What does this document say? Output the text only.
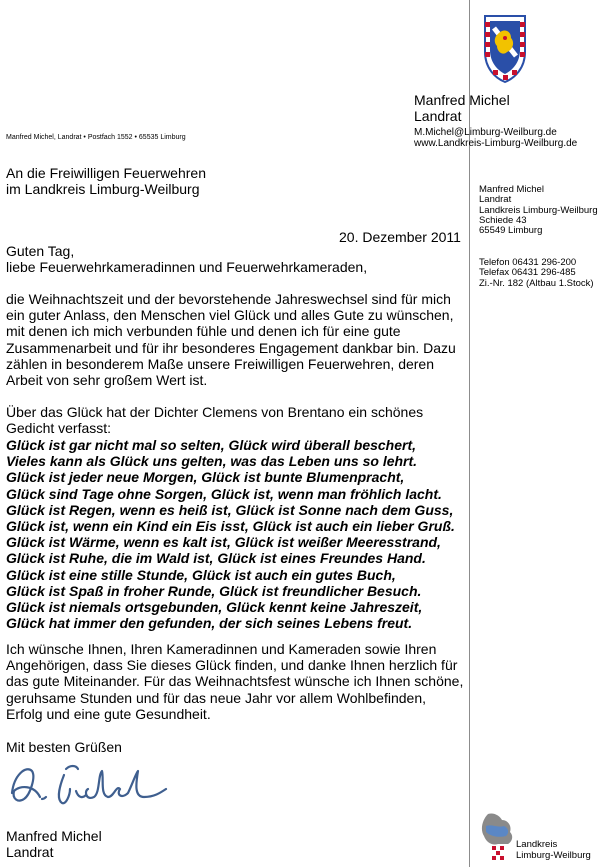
Manfred Michel
Landrat
M.Michel@Limburg-Weilburg.de
www.Landkreis-Limburg-Weilburg.de
Manfred Michel, Landrat • Postfach 1552 • 65535 Limburg
An die Freiwilligen Feuerwehren
im Landkreis Limburg-Weilburg	Manfred Michel
Landrat
Landkreis Limburg-Weilburg
Schiede 43
65549 Limburg
Telefon 06431 296-200
Telefax 06431 296-485
Zi.-Nr. 182 (Altbau 1.Stock)
20. Dezember 2011
Guten Tag,
liebe Feuerwehrkameradinnen und Feuerwehrkameraden,
die Weihnachtszeit und der bevorstehende Jahreswechsel sind für mich
ein guter Anlass, den Menschen viel Glück und alles Gute zu wünschen,
mit denen ich mich verbunden fühle und denen ich für eine gute
Zusammenarbeit und für ihr besonderes Engagement dankbar bin. Dazu
zählen in besonderem Maße unsere Freiwilligen Feuerwehren, deren
Arbeit von sehr großem Wert ist.
Über das Glück hat der Dichter Clemens von Brentano ein schönes
Gedicht verfasst:
Glück ist gar nicht mal so selten, Glück wird überall beschert,
Vieles kann als Glück uns gelten, was das Leben uns so lehrt.
Glück ist jeder neue Morgen, Glück ist bunte Blumenpracht,
Glück sind Tage ohne Sorgen, Glück ist, wenn man fröhlich lacht.
Glück ist Regen, wenn es heiß ist, Glück ist Sonne nach dem Guss,
Glück ist, wenn ein Kind ein Eis isst, Glück ist auch ein lieber Gruß.
Glück ist Wärme, wenn es kalt ist, Glück ist weißer Meeresstrand,
Glück ist Ruhe, die im Wald ist, Glück ist eines Freundes Hand.
Glück ist eine stille Stunde, Glück ist auch ein gutes Buch,
Glück ist Spaß in froher Runde, Glück ist freundlicher Besuch.
Glück ist niemals ortsgebunden, Glück kennt keine Jahreszeit,
Glück hat immer den gefunden, der sich seines Lebens freut.
Ich wünsche Ihnen, Ihren Kameradinnen und Kameraden sowie Ihren
Angehörigen, dass Sie dieses Glück finden, und danke Ihnen herzlich für
das gute Miteinander. Für das Weihnachtsfest wünsche ich Ihnen schöne,
geruhsame Stunden und für das neue Jahr vor allem Wohlbefinden,
Erfolg und eine gute Gesundheit.
Mit besten Grüßen
Manfred Michel
Landrat	Landkreis
Limburg-Weilburg
